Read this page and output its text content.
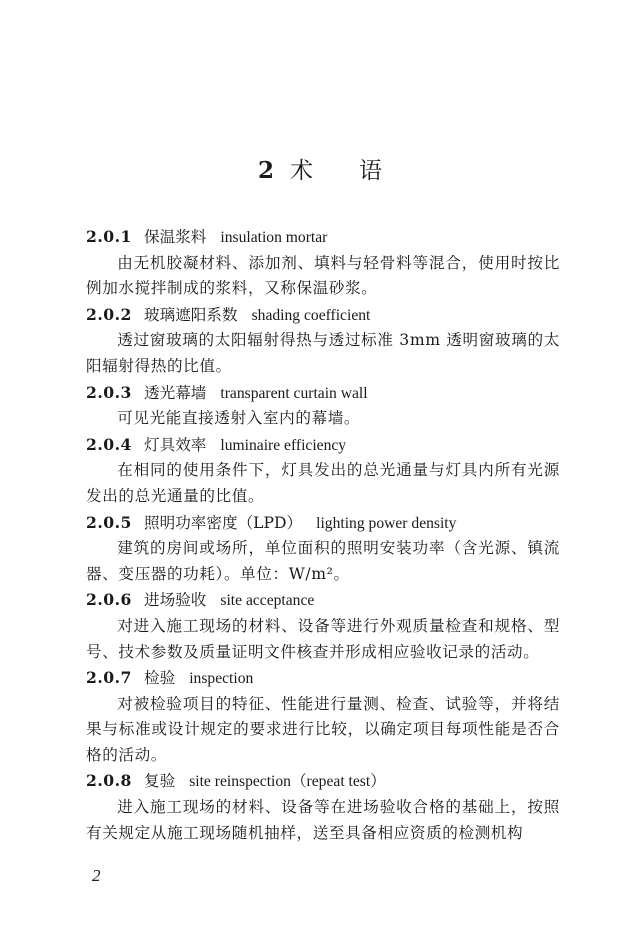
2 术语
2.0.1 保温浆料 insulation mortar
由无机胶凝材料、添加剂、填料与轻骨料等混合，使用时按比例加水搅拌制成的浆料，又称保温砂浆。
2.0.2 玻璃遮阳系数 shading coefficient
透过窗玻璃的太阳辐射得热与透过标准 3mm 透明窗玻璃的太阳辐射得热的比值。
2.0.3 透光幕墙 transparent curtain wall
可见光能直接透射入室内的幕墙。
2.0.4 灯具效率 luminaire efficiency
在相同的使用条件下，灯具发出的总光通量与灯具内所有光源发出的总光通量的比值。
2.0.5 照明功率密度（LPD） lighting power density
建筑的房间或场所，单位面积的照明安装功率（含光源、镇流器、变压器的功耗）。单位：W/m²。
2.0.6 进场验收 site acceptance
对进入施工现场的材料、设备等进行外观质量检查和规格、型号、技术参数及质量证明文件核查并形成相应验收记录的活动。
2.0.7 检验 inspection
对被检验项目的特征、性能进行量测、检查、试验等，并将结果与标准或设计规定的要求进行比较，以确定项目每项性能是否合格的活动。
2.0.8 复验 site reinspection（repeat test）
进入施工现场的材料、设备等在进场验收合格的基础上，按照有关规定从施工现场随机抽样，送至具备相应资质的检测机构
2
